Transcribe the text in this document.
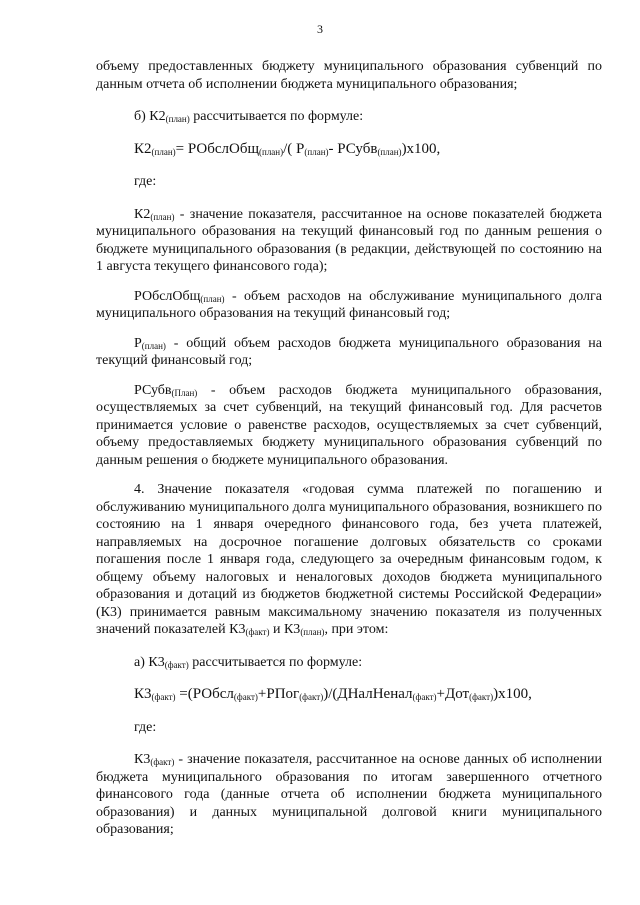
3

объему предоставленных бюджету муниципального образования субвенций по данным отчета об исполнении бюджета муниципального образования;

б) $К2_{(план)}$ рассчитывается по формуле:

$К2_{(план)}=$ РОбслОбщ$_{(план)}$/( $Р_{(план)}-$ РСубв$_{(план)}$)х100,

где:

$К2_{(план)}$ - значение показателя, рассчитанное на основе показателей бюджета муниципального образования на текущий финансовый год по данным решения о бюджете муниципального образования (в редакции, действующей по состоянию на 1 августа текущего финансового года);

РОбслОбщ$_{(план)}$ - объем расходов на обслуживание муниципального долга муниципального образования на текущий финансовый год;

$Р_{(план)}$ - общий объем расходов бюджета муниципального образования на текущий финансовый год;

РСубв$_{(План)}$ - объем расходов бюджета муниципального образования, осуществляемых за счет субвенций, на текущий финансовый год. Для расчетов принимается условие о равенстве расходов, осуществляемых за счет субвенций, объему предоставляемых бюджету муниципального образования субвенций по данным решения о бюджете муниципального образования.

4. Значение показателя «годовая сумма платежей по погашению и обслуживанию муниципального долга муниципального образования, возникшего по состоянию на 1 января очередного финансового года, без учета платежей, направляемых на досрочное погашение долговых обязательств со сроками погашения после 1 января года, следующего за очередным финансовым годом, к общему объему налоговых и неналоговых доходов бюджета муниципального образования и дотаций из бюджетов бюджетной системы Российской Федерации» (К3) принимается равным максимальному значению показателя из полученных значений показателей $К3_{(факт)}$ и $К3_{(план)}$, при этом:

а) $К3_{(факт)}$ рассчитывается по формуле:

$К3_{(факт)}$ =(РОбсл$_{(факт)}$+РПог$_{(факт)}$)/(ДНалНенал$_{(факт)}$+Дот$_{(факт)}$)х100,

где:

$К3_{(факт)}$ - значение показателя, рассчитанное на основе данных об исполнении бюджета муниципального образования по итогам завершенного отчетного финансового года (данные отчета об исполнении бюджета муниципального образования) и данных муниципальной долговой книги муниципального образования;
